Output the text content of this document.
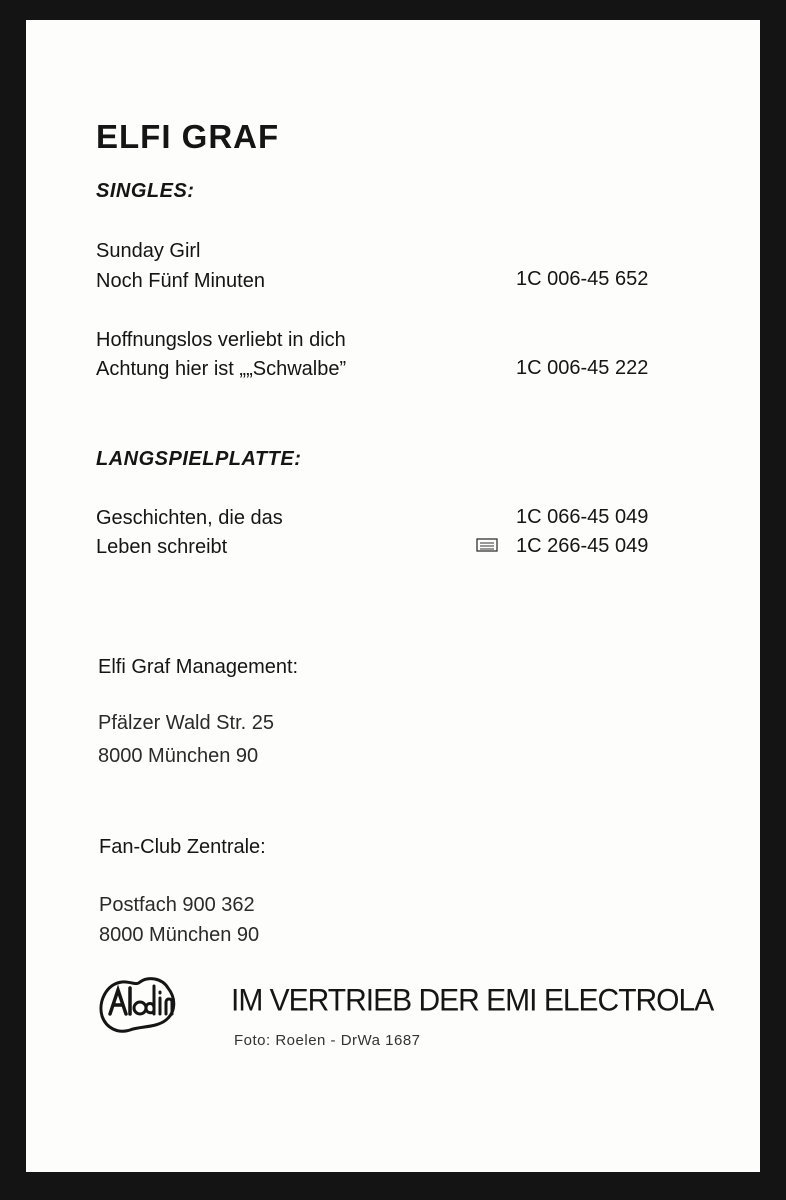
ELFI GRAF
SINGLES:
Sunday Girl
Noch Fünf Minuten	1C 006-45 652
Hoffnungslos verliebt in dich
Achtung hier ist „„Schwalbe”	1C 006-45 222
LANGSPIELPLATTE:
Geschichten, die das
Leben schreibt
1C 066-45 049
1C 266-45 049
Elfi Graf Management:
Pfälzer Wald Str. 25
8000 München 90
Fan-Club Zentrale:
Postfach 900 362
8000 München 90
IM VERTRIEB DER EMI ELECTROLA
Foto: Roelen - DrWa 1687
